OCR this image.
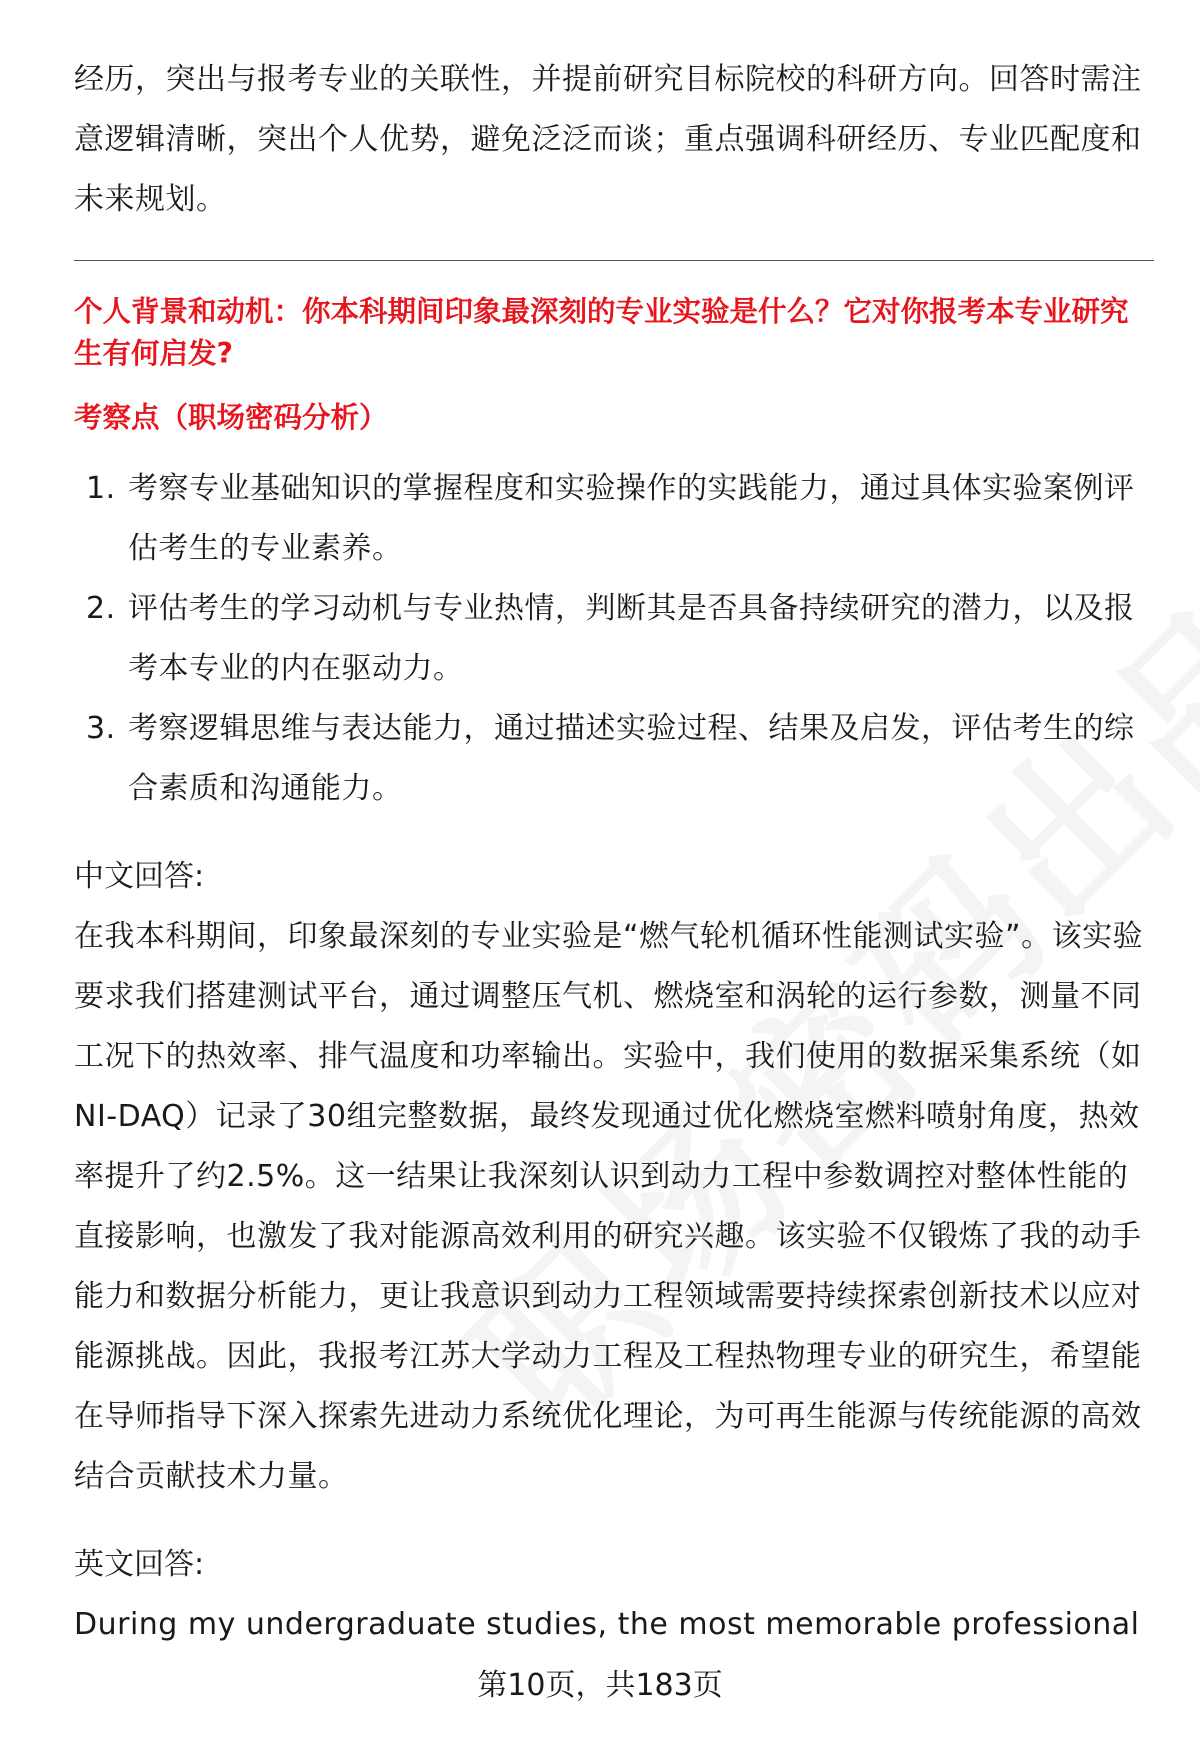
经历，突出与报考专业的关联性，并提前研究目标院校的科研方向。回答时需注意逻辑清晰，突出个人优势，避免泛泛而谈；重点强调科研经历、专业匹配度和未来规划。

个人背景和动机：你本科期间印象最深刻的专业实验是什么？它对你报考本专业研究生有何启发?

考察点（职场密码分析）

1. 考察专业基础知识的掌握程度和实验操作的实践能力，通过具体实验案例评估考生的专业素养。
2. 评估考生的学习动机与专业热情，判断其是否具备持续研究的潜力，以及报考本专业的内在驱动力。
3. 考察逻辑思维与表达能力，通过描述实验过程、结果及启发，评估考生的综合素质和沟通能力。

中文回答:

在我本科期间，印象最深刻的专业实验是“燃气轮机循环性能测试实验”。该实验要求我们搭建测试平台，通过调整压气机、燃烧室和涡轮的运行参数，测量不同工况下的热效率、排气温度和功率输出。实验中，我们使用的数据采集系统（如NI-DAQ）记录了30组完整数据，最终发现通过优化燃烧室燃料喷射角度，热效率提升了约2.5%。这一结果让我深刻认识到动力工程中参数调控对整体性能的直接影响，也激发了我对能源高效利用的研究兴趣。该实验不仅锻炼了我的动手能力和数据分析能力，更让我意识到动力工程领域需要持续探索创新技术以应对能源挑战。因此，我报考江苏大学动力工程及工程热物理专业的研究生，希望能在导师指导下深入探索先进动力系统优化理论，为可再生能源与传统能源的高效结合贡献技术力量。

英文回答:

During my undergraduate studies, the most memorable professional

第10页，共183页
